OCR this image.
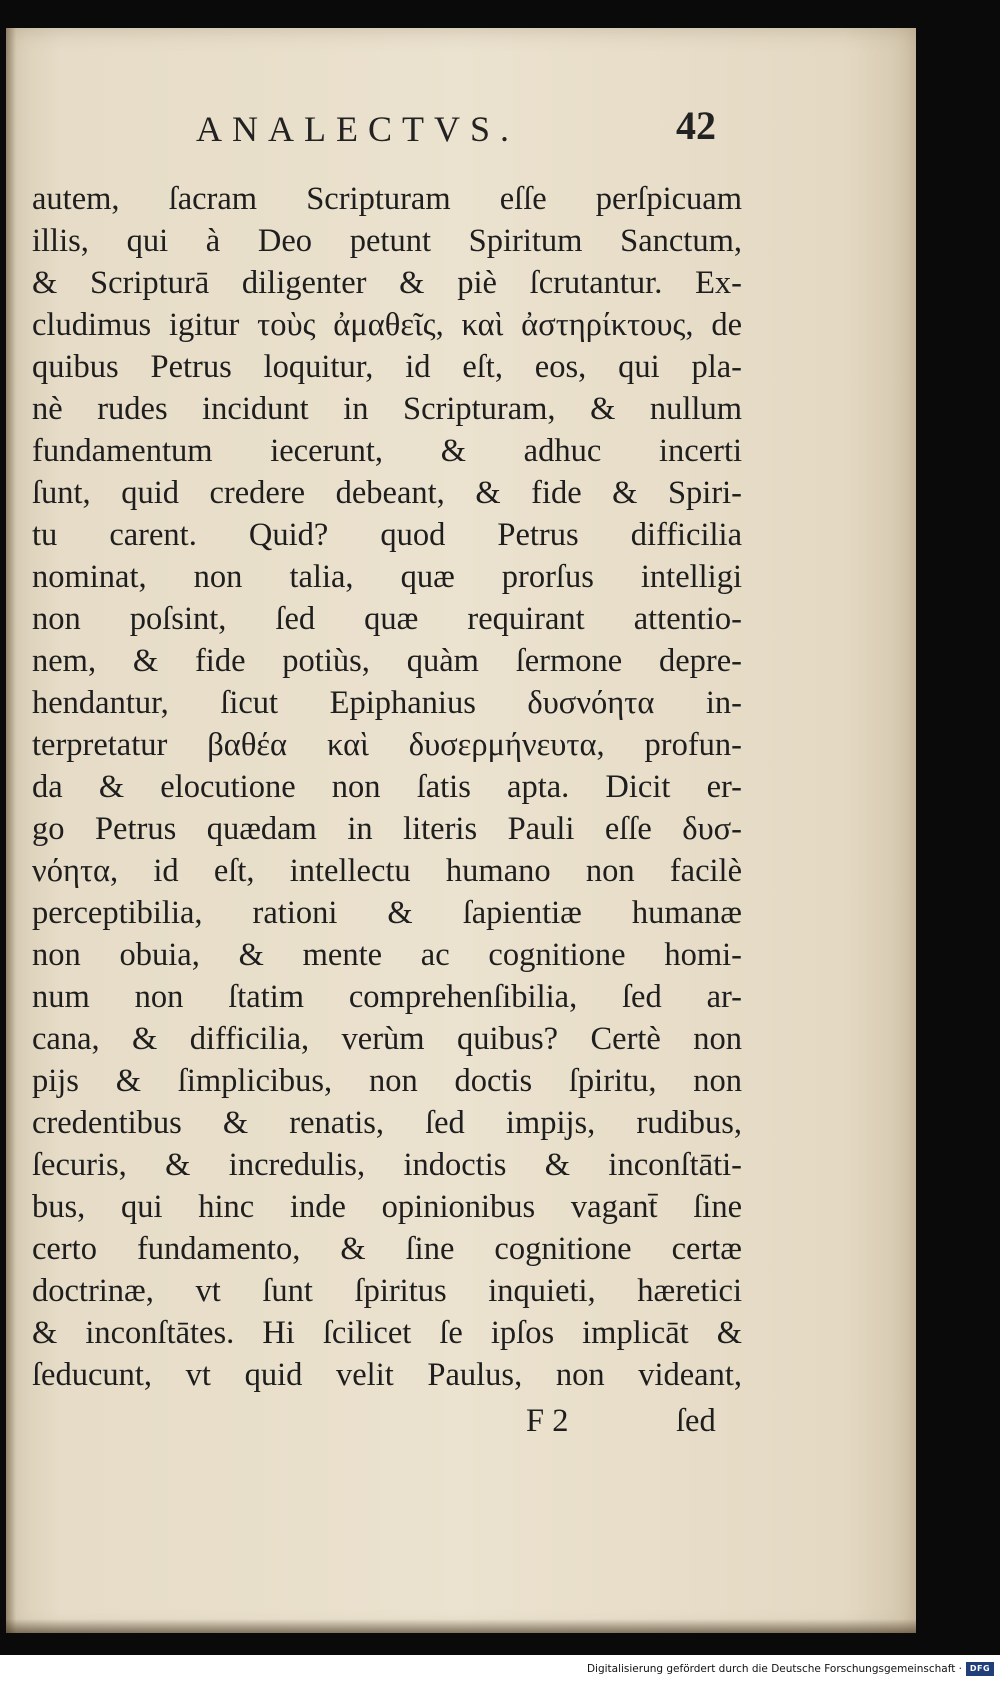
ANALECTVS.	42
autem, ſacram Scripturam eſſe perſpicuam
illis, qui à Deo petunt Spiritum Sanctum,
& Scripturā diligenter & piè ſcrutantur. Ex-
cludimus igitur τοὺς ἀμαθεῖς, καὶ ἀστηρίκτους, de
quibus Petrus loquitur, id eſt, eos, qui pla-
nè rudes incidunt in Scripturam, & nullum
fundamentum iecerunt, & adhuc incerti
ſunt, quid credere debeant, & fide & Spiri-
tu carent. Quid? quod Petrus difficilia
nominat, non talia, quæ prorſus intelligi
non poſsint, ſed quæ requirant attentio-
nem, & fide potiùs, quàm ſermone depre-
hendantur, ſicut Epiphanius δυσνόητα in-
terpretatur βαθέα καὶ δυσερμήνευτα, profun-
da & elocutione non ſatis apta. Dicit er-
go Petrus quædam in literis Pauli eſſe δυσ-
νόητα, id eſt, intellectu humano non facilè
perceptibilia, rationi & ſapientiæ humanæ
non obuia, & mente ac cognitione homi-
num non ſtatim comprehenſibilia, ſed ar-
cana, & difficilia, verùm quibus? Certè non
pijs & ſimplicibus, non doctis ſpiritu, non
credentibus & renatis, ſed impijs, rudibus,
ſecuris, & incredulis, indoctis & inconſtāti-
bus, qui hinc inde opinionibus vagant̄ ſine
certo fundamento, & ſine cognitione certæ
doctrinæ, vt ſunt ſpiritus inquieti, hæretici
& inconſtātes. Hi ſcilicet ſe ipſos implicāt &
ſeducunt, vt quid velit Paulus, non videant,
F 2	ſed
Digitalisierung gefördert durch die Deutsche Forschungsgemeinschaft · DFG
